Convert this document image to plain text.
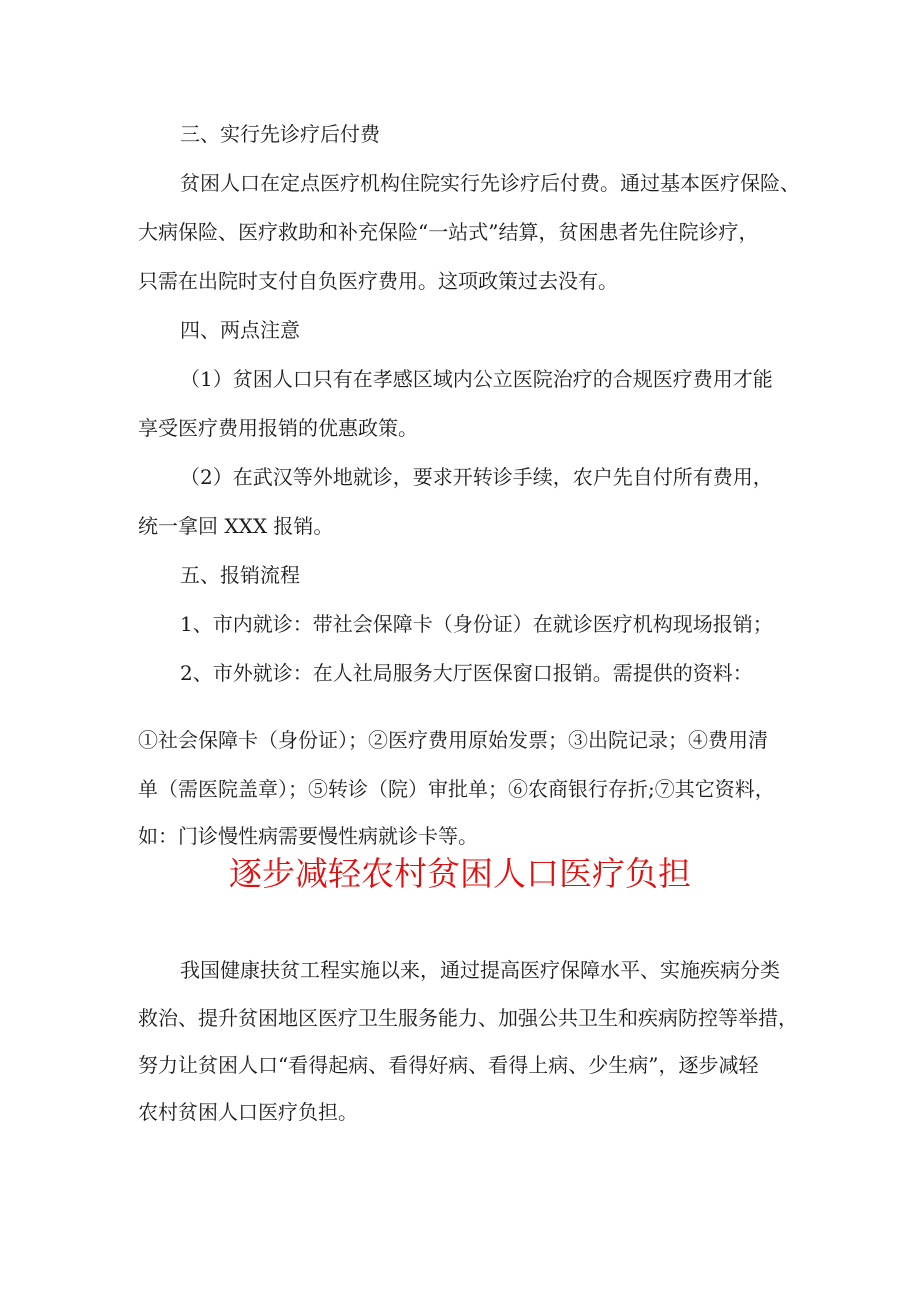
三、实行先诊疗后付费
贫困人口在定点医疗机构住院实行先诊疗后付费。通过基本医疗保险、
大病保险、医疗救助和补充保险“一站式”结算，贫困患者先住院诊疗，
只需在出院时支付自负医疗费用。这项政策过去没有。
四、两点注意
（1）贫困人口只有在孝感区域内公立医院治疗的合规医疗费用才能
享受医疗费用报销的优惠政策。
（2）在武汉等外地就诊，要求开转诊手续，农户先自付所有费用，
统一拿回 XXX 报销。
五、报销流程
1、市内就诊：带社会保障卡（身份证）在就诊医疗机构现场报销；
2、市外就诊：在人社局服务大厅医保窗口报销。需提供的资料：
①社会保障卡（身份证）；②医疗费用原始发票；③出院记录；④费用清
单（需医院盖章）；⑤转诊（院）审批单；⑥农商银行存折;⑦其它资料，
如：门诊慢性病需要慢性病就诊卡等。
逐步减轻农村贫困人口医疗负担
我国健康扶贫工程实施以来，通过提高医疗保障水平、实施疾病分类
救治、提升贫困地区医疗卫生服务能力、加强公共卫生和疾病防控等举措，
努力让贫困人口“看得起病、看得好病、看得上病、少生病”，逐步减轻
农村贫困人口医疗负担。
